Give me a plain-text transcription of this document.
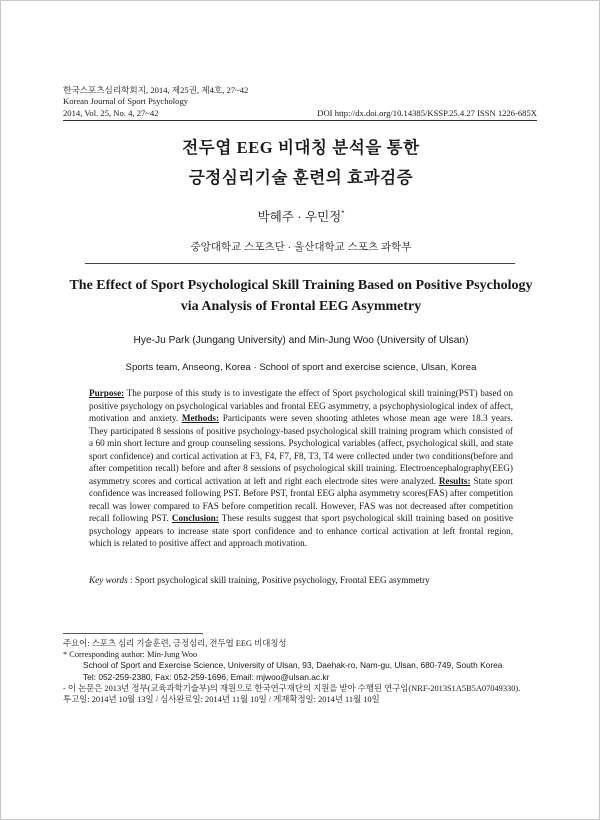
한국스포츠심리학회지, 2014, 제25권, 제4호, 27~42
Korean Journal of Sport Psychology
2014, Vol. 25, No. 4, 27~42	DOI http://dx.doi.org/10.14385/KSSP.25.4.27 ISSN 1226-685X
전두엽 EEG 비대칭 분석을 통한
긍정심리기술 훈련의 효과검증
박혜주 · 우민정*
중앙대학교 스포츠단 · 울산대학교 스포츠 과학부
The Effect of Sport Psychological Skill Training Based on Positive Psychology
via Analysis of Frontal EEG Asymmetry
Hye-Ju Park (Jungang University) and Min-Jung Woo (University of Ulsan)
Sports team, Anseong, Korea · School of sport and exercise science, Ulsan, Korea
Purpose: The purpose of this study is to investigate the effect of Sport psychological skill training(PST) based on positive psychology on psychological variables and frontal EEG asymmetry, a psychophysiological index of affect, motivation and anxiety. Methods: Participants were seven shooting athletes whose mean age were 18.3 years. They participated 8 sessions of positive psychology-based psychological skill training program which consisted of a 60 min short lecture and group counseling sessions. Psychological variables (affect, psychological skill, and state sport confidence) and cortical activation at F3, F4, F7, F8, T3, T4 were collected under two conditions(before and after competition recall) before and after 8 sessions of psychological skill training. Electroencephalography(EEG) asymmetry scores and cortical activation at left and right each electrode sites were analyzed. Results: State sport confidence was increased following PST. Before PST, frontal EEG alpha asymmetry scores(FAS) after competition recall was lower compared to FAS before competition recall. However, FAS was not decreased after competition recall following PST. Conclusion: These results suggest that sport psychological skill training based on positive psychology appears to increase state sport confidence and to enhance cortical activation at left frontal region, which is related to positive affect and approach motivation.
Key words : Sport psychological skill training, Positive psychology, Frontal EEG asymmetry
주요어: 스포츠 심리 기술훈련, 긍정심리, 전두엽 EEG 비대칭성
* Corresponding author: Min-Jung Woo
School of Sport and Exercise Science, University of Ulsan, 93, Daehak-ro, Nam-gu, Ulsan, 680-749, South Korea
Tel: 052-259-2380, Fax: 052-259-1696, Email: mjwoo@ulsan.ac.kr
- 이 논문은 2013년 정부(교육과학기술부)의 재원으로 한국연구재단의 지원을 받아 수행된 연구임(NRF-2013S1A5B5A07049330).
투고일: 2014년 10월 13일 / 심사완료일: 2014년 11월 10일 / 게재확정일: 2014년 11월 10일
